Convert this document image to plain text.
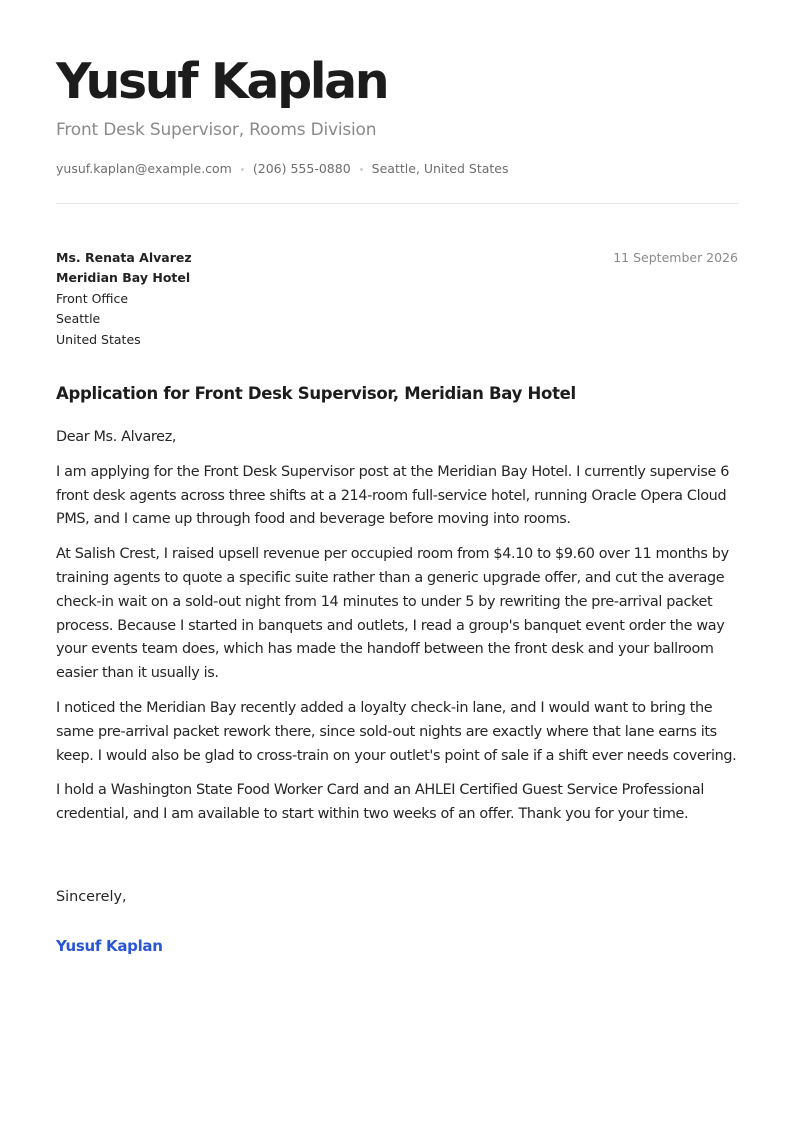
Yusuf Kaplan
Front Desk Supervisor, Rooms Division
yusuf.kaplan@example.com (206) 555-0880 Seattle, United States
Ms. Renata Alvarez
Meridian Bay Hotel
Front Office
Seattle
United States
11 September 2026
Application for Front Desk Supervisor, Meridian Bay Hotel

Dear Ms. Alvarez,

I am applying for the Front Desk Supervisor post at the Meridian Bay Hotel. I currently supervise 6 front desk agents across three shifts at a 214-room full-service hotel, running Oracle Opera Cloud PMS, and I came up through food and beverage before moving into rooms.

At Salish Crest, I raised upsell revenue per occupied room from $4.10 to $9.60 over 11 months by training agents to quote a specific suite rather than a generic upgrade offer, and cut the average check-in wait on a sold-out night from 14 minutes to under 5 by rewriting the pre-arrival packet process. Because I started in banquets and outlets, I read a group's banquet event order the way your events team does, which has made the handoff between the front desk and your ballroom easier than it usually is.

I noticed the Meridian Bay recently added a loyalty check-in lane, and I would want to bring the same pre-arrival packet rework there, since sold-out nights are exactly where that lane earns its keep. I would also be glad to cross-train on your outlet's point of sale if a shift ever needs covering.

I hold a Washington State Food Worker Card and an AHLEI Certified Guest Service Professional credential, and I am available to start within two weeks of an offer. Thank you for your time.

Sincerely,
Yusuf Kaplan
